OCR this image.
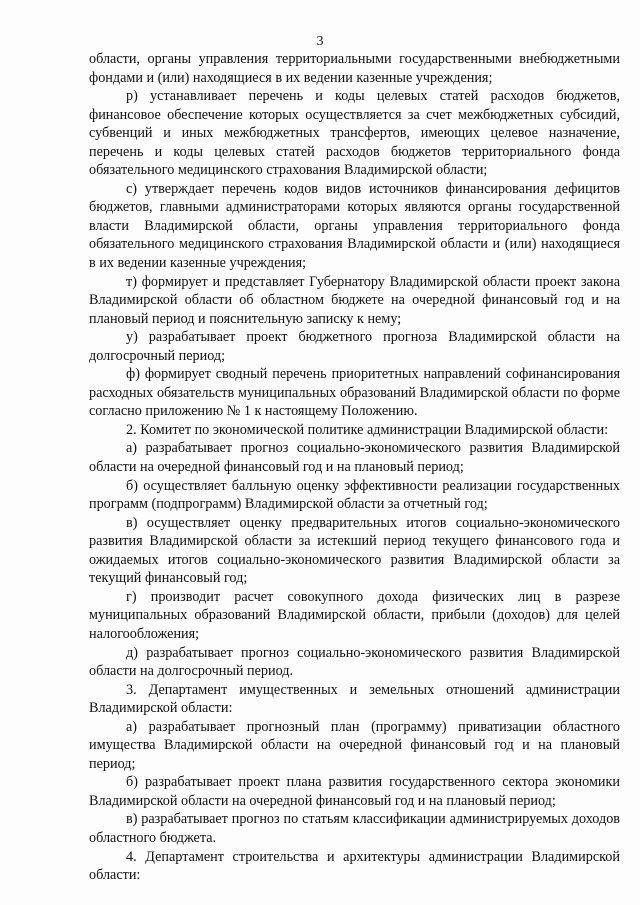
3

области, органы управления территориальными государственными внебюджетными фондами и (или) находящиеся в их ведении казенные учреждения;

р) устанавливает перечень и коды целевых статей расходов бюджетов, финансовое обеспечение которых осуществляется за счет межбюджетных субсидий, субвенций и иных межбюджетных трансфертов, имеющих целевое назначение, перечень и коды целевых статей расходов бюджетов территориального фонда обязательного медицинского страхования Владимирской области;

с) утверждает перечень кодов видов источников финансирования дефицитов бюджетов, главными администраторами которых являются органы государственной власти Владимирской области, органы управления территориального фонда обязательного медицинского страхования Владимирской области и (или) находящиеся в их ведении казенные учреждения;

т) формирует и представляет Губернатору Владимирской области проект закона Владимирской области об областном бюджете на очередной финансовый год и на плановый период и пояснительную записку к нему;

у) разрабатывает проект бюджетного прогноза Владимирской области на долгосрочный период;

ф) формирует сводный перечень приоритетных направлений софинансирования расходных обязательств муниципальных образований Владимирской области по форме согласно приложению № 1 к настоящему Положению.

2. Комитет по экономической политике администрации Владимирской области:

а) разрабатывает прогноз социально-экономического развития Владимирской области на очередной финансовый год и на плановый период;

б) осуществляет балльную оценку эффективности реализации государственных программ (подпрограмм) Владимирской области за отчетный год;

в) осуществляет оценку предварительных итогов социально-экономического развития Владимирской области за истекший период текущего финансового года и ожидаемых итогов социально-экономического развития Владимирской области за текущий финансовый год;

г) производит расчет совокупного дохода физических лиц в разрезе муниципальных образований Владимирской области, прибыли (доходов) для целей налогообложения;

д) разрабатывает прогноз социально-экономического развития Владимирской области на долгосрочный период.

3. Департамент имущественных и земельных отношений администрации Владимирской области:

а) разрабатывает прогнозный план (программу) приватизации областного имущества Владимирской области на очередной финансовый год и на плановый период;

б) разрабатывает проект плана развития государственного сектора экономики Владимирской области на очередной финансовый год и на плановый период;

в) разрабатывает прогноз по статьям классификации администрируемых доходов областного бюджета.

4. Департамент строительства и архитектуры администрации Владимирской области:
